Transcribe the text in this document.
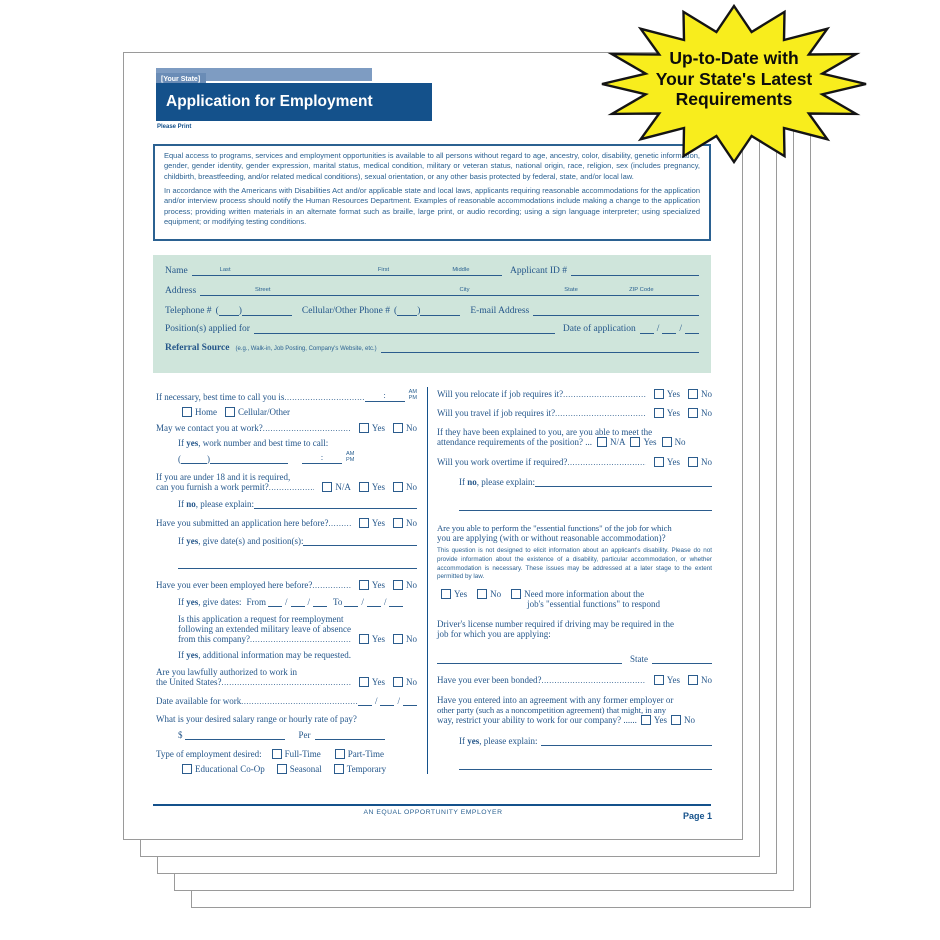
[Your State]
Application for Employment
Please Print

Equal access to programs, services and employment opportunities is available to all persons without regard to age, ancestry, color, disability, genetic information, gender, gender identity, gender expression, marital status, medical condition, military or veteran status, national origin, race, religion, sex (includes pregnancy, childbirth, breastfeeding, and/or related medical conditions), sexual orientation, or any other basis protected by federal, state, and/or local law.

In accordance with the Americans with Disabilities Act and/or applicable state and local laws, applicants requiring reasonable accommodations for the application and/or interview process should notify the Human Resources Department. Examples of reasonable accommodations include making a change to the application process; providing written materials in an alternate format such as braille, large print, or audio recording; using a sign language interpreter; using specialized equipment; or modifying testing conditions.

Name	Last	First	Middle	Applicant ID #
Address	Street	City	State	ZIP Code
Telephone # ( )	Cellular/Other Phone # ( )	E-mail Address
Position(s) applied for	Date of application / /
Referral Source (e.g., Walk-in, Job Posting, Company's Website, etc.)
If necessary, best time to call you is .....	:	AM
PM
Home Cellular/Other
May we contact you at work? .....	Yes No
If yes, work number and best time to call:
(	)	:	AM
PM
If you are under 18 and it is required,
can you furnish a work permit? .....	N/A Yes No
If no, please explain:
Have you submitted an application here before? .....	Yes No
If yes, give date(s) and position(s):
Have you ever been employed here before? .....	Yes No
If yes, give dates: From / /	To / /
Is this application a request for reemployment
following an extended military leave of absence
from this company? .....	Yes No
If yes, additional information may be requested.
Are you lawfully authorized to work in
the United States? .....	Yes No
Date available for work .....	/ /
What is your desired salary range or hourly rate of pay?
$	Per
Type of employment desired:	Full-Time	Part-Time
Educational Co-Op	Seasonal	Temporary
Will you relocate if job requires it? .....	Yes No
Will you travel if job requires it? .....	Yes No
If they have been explained to you, are you able to meet the
attendance requirements of the position? ... N/A Yes No
Will you work overtime if required? .....	Yes No
If no, please explain:
Are you able to perform the "essential functions" of the job for which
you are applying (with or without reasonable accommodation)?
This question is not designed to elicit information about an applicant's disability. Please do not provide information about the existence of a disability, particular accommodation, or whether accommodation is necessary. These issues may be addressed at a later stage to the extent permitted by law.
Yes	No	Need more information about the
job's "essential functions" to respond
Driver's license number required if driving may be required in the
job for which you are applying:
State
Have you ever been bonded? .....	Yes No
Have you entered into an agreement with any former employer or
other party (such as a noncompetition agreement) that might, in any
way, restrict your ability to work for our company? ...... Yes No
If yes, please explain:
AN EQUAL OPPORTUNITY EMPLOYER	Page 1
Up-to-Date with
Your State's Latest
Requirements
